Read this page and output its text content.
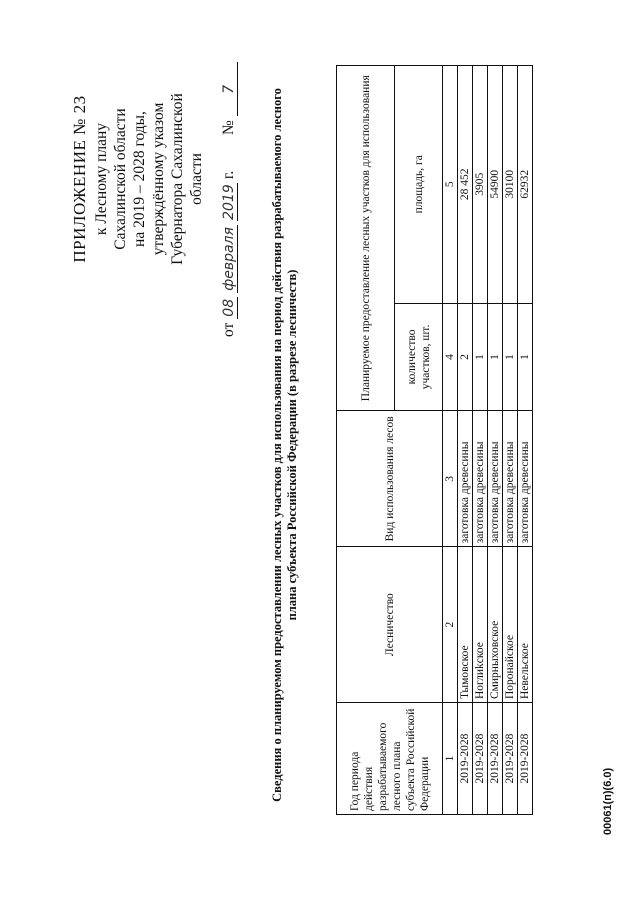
ПРИЛОЖЕНИЕ № 23 к Лесному плану Сахалинской области на 2019 – 2028 годы, утверждённому указом Губернатора Сахалинской области
от 08 февраля 2019 г.  № 7	Сведения о планируемом предоставлении лесных участков для использования на период действия разрабатываемого лесного плана субъекта Российской Федерации (в разрезе лесничеств)
Год периода действия разрабатываемого лесного плана субъекта Российской Федерации	Лесничество	Вид использования лесов	Планируемое предоставление лесных участков для использования	
			количество участков, шт.	площадь, га
1	2	3	4	5
2019-2028	Тымовское	заготовка древесины	2	28 452
2019-2028	Ноглиkское	заготовка древесины	1	3905
2019-2028	Смирныховское	заготовка древесины	1	54900
2019-2028	Поронайское	заготовка древесины	1	30100
2019-2028	Невельское	заготовка древесины	1	62932
00061(п)(6.0)
